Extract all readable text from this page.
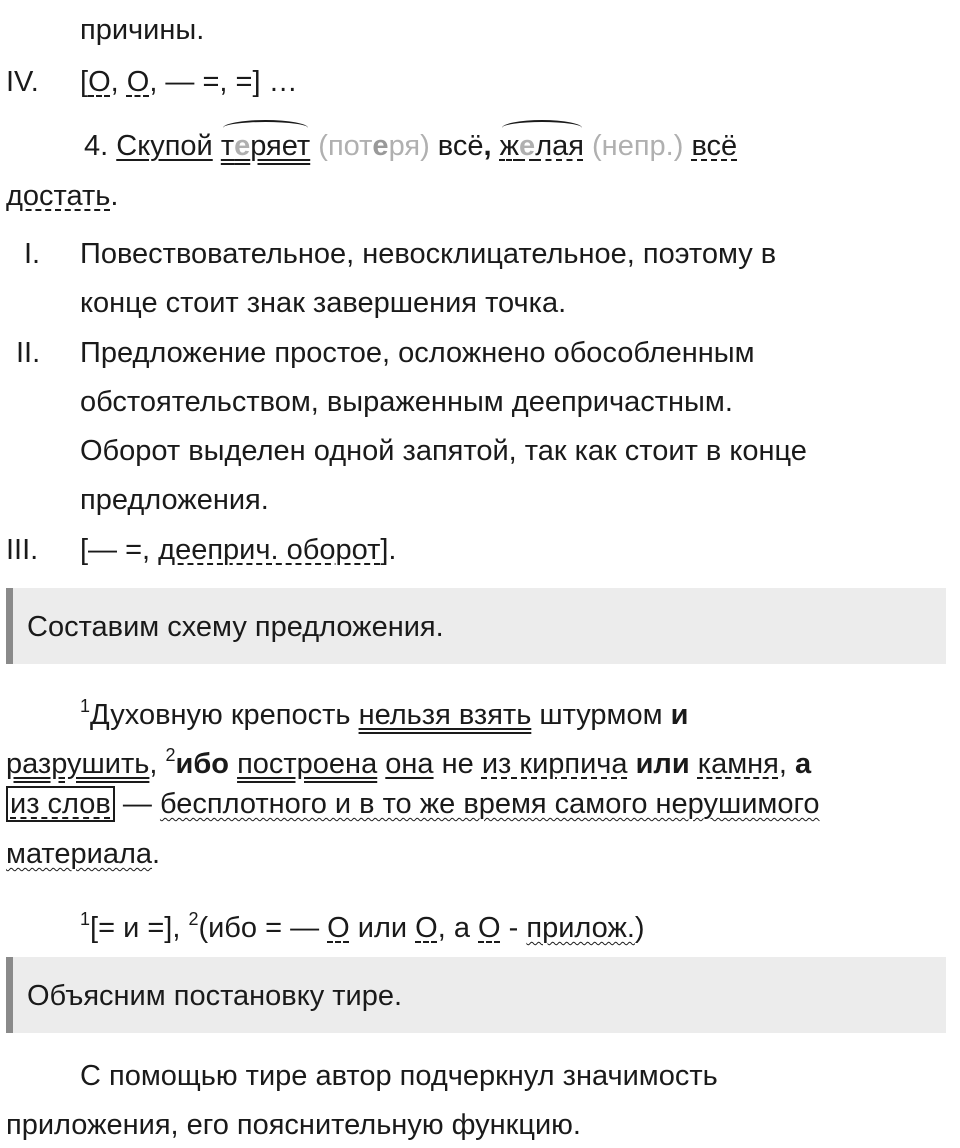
причины.
IV. [О, О, — =, =] …
4. Скупой теряет (потеря) всё, желая (непр.) всё
достать.
I. Повествовательное, невосклицательное, поэтому в
конце стоит знак завершения точка.
II. Предложение простое, осложнено обособленным
обстоятельством, выраженным деепричастным.
Оборот выделен одной запятой, так как стоит в конце
предложения.
III. [— =, дееприч. оборот].
Составим схему предложения.
$^1$Духовную крепость нельзя взять штурмом и
разрушить, $^2$ибо построена она не из кирпича или камня, а
из слов — бесплотного и в то же время самого нерушимого
материала.
$^1$[= и =], $^2$(ибо = — О или О, а О - прилож.)
Объясним постановку тире.
С помощью тире автор подчеркнул значимость
приложения, его пояснительную функцию.
